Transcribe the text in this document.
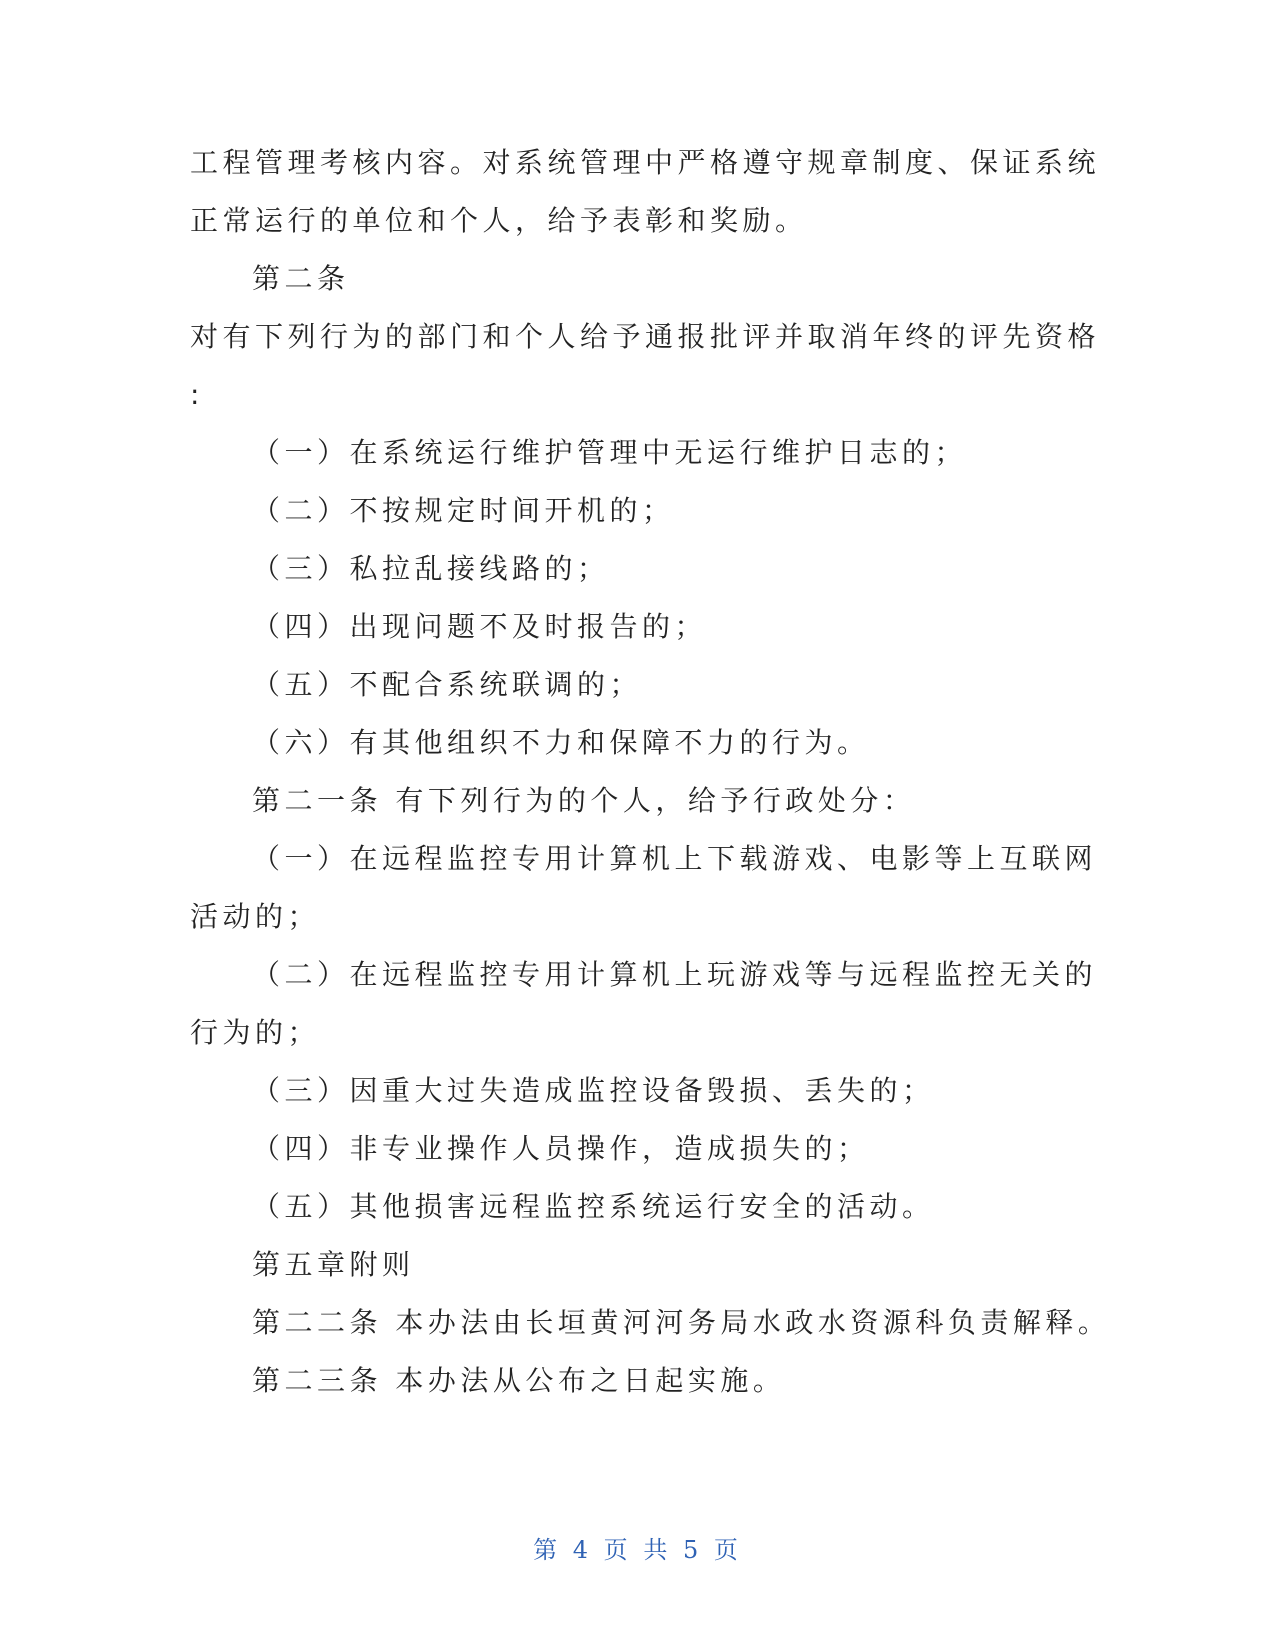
工程管理考核内容。对系统管理中严格遵守规章制度、保证系统
正常运行的单位和个人，给予表彰和奖励。
第二条
对有下列行为的部门和个人给予通报批评并取消年终的评先资格
:
（一）在系统运行维护管理中无运行维护日志的；
（二）不按规定时间开机的；
（三）私拉乱接线路的；
（四）出现问题不及时报告的；
（五）不配合系统联调的；
（六）有其他组织不力和保障不力的行为。
第二一条 有下列行为的个人，给予行政处分：
（一）在远程监控专用计算机上下载游戏、电影等上互联网
活动的；
（二）在远程监控专用计算机上玩游戏等与远程监控无关的
行为的；
（三）因重大过失造成监控设备毁损、丢失的；
（四）非专业操作人员操作，造成损失的；
（五）其他损害远程监控系统运行安全的活动。
第五章附则
第二二条 本办法由长垣黄河河务局水政水资源科负责解释。
第二三条 本办法从公布之日起实施。
第 4 页 共 5 页
